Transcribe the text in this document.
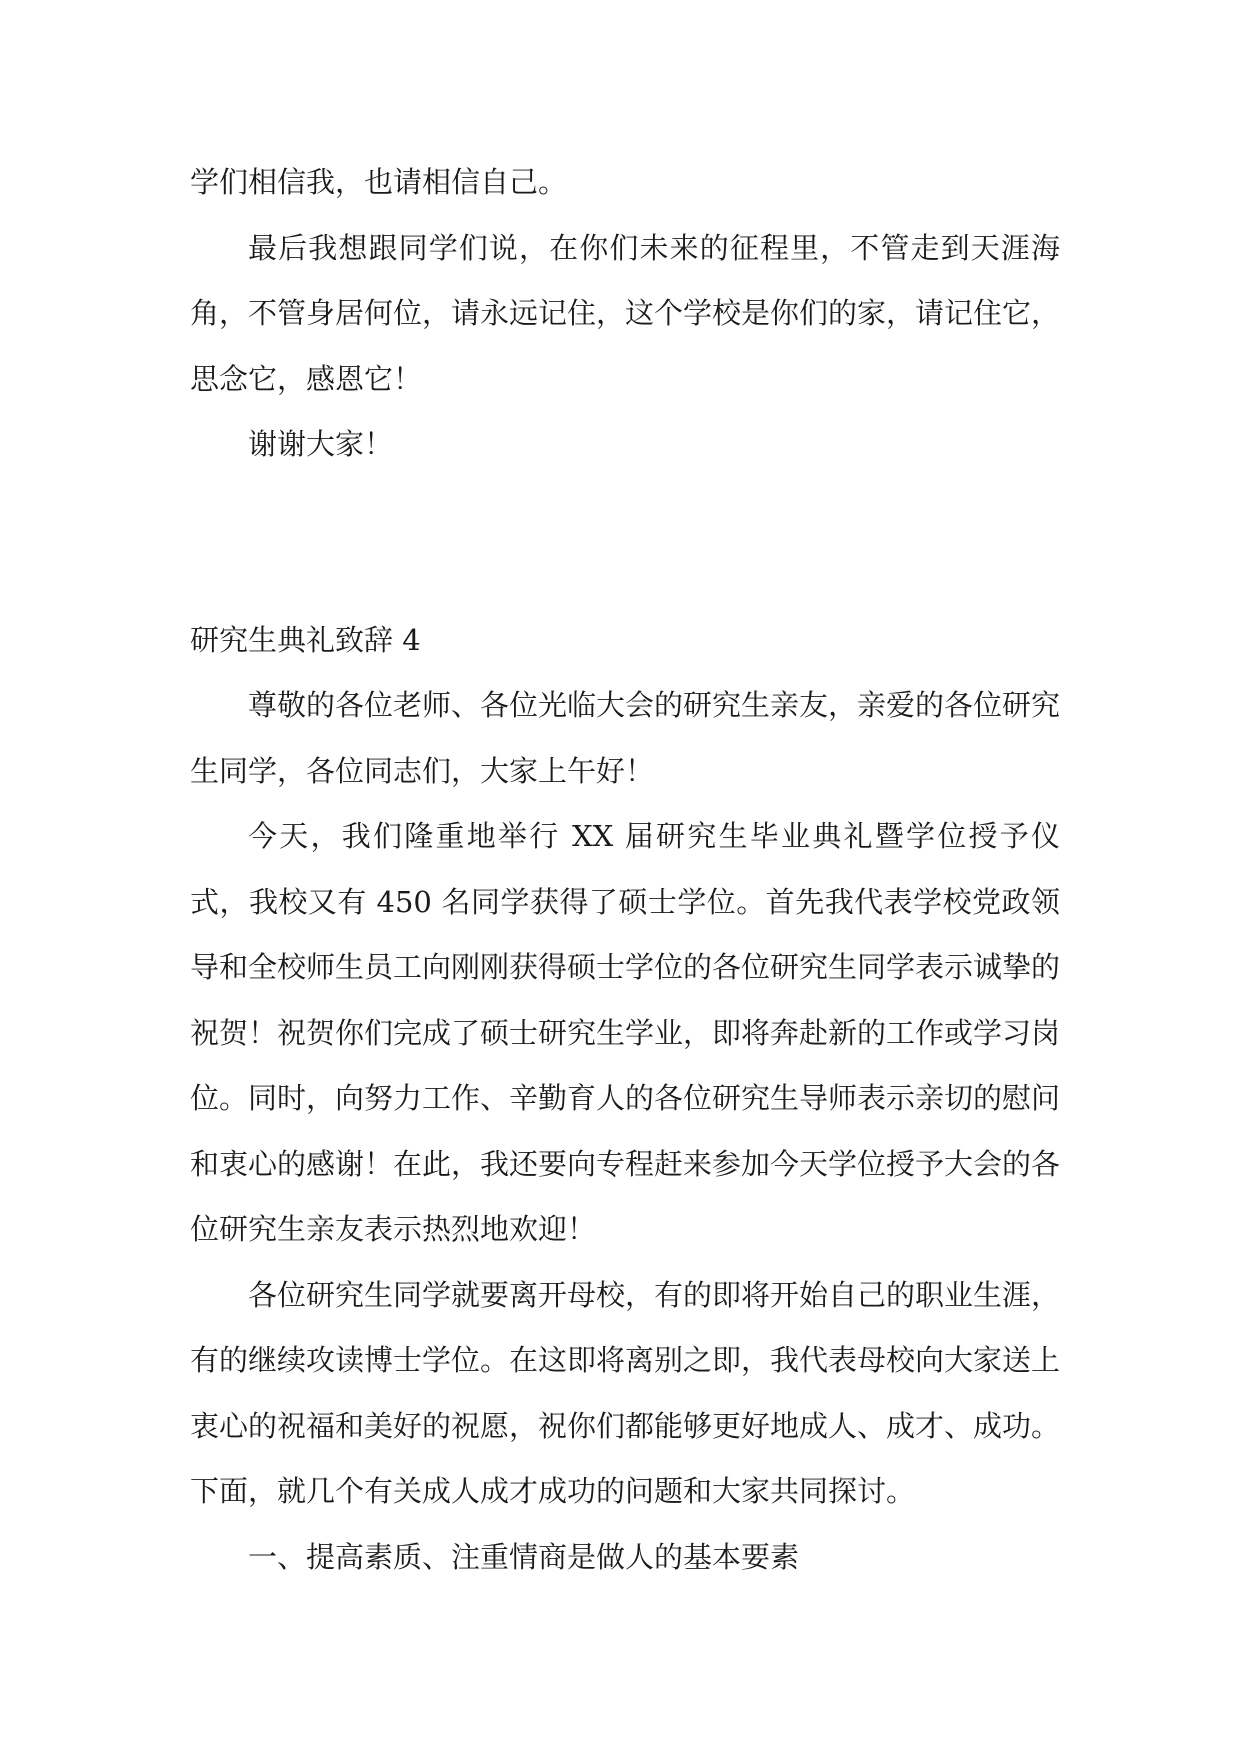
学们相信我，也请相信自己。

最后我想跟同学们说，在你们未来的征程里，不管走到天涯海角，不管身居何位，请永远记住，这个学校是你们的家，请记住它，思念它，感恩它！

谢谢大家！

研究生典礼致辞 4

尊敬的各位老师、各位光临大会的研究生亲友，亲爱的各位研究生同学，各位同志们，大家上午好！

今天，我们隆重地举行 XX 届研究生毕业典礼暨学位授予仪式，我校又有 450 名同学获得了硕士学位。首先我代表学校党政领导和全校师生员工向刚刚获得硕士学位的各位研究生同学表示诚挚的祝贺！祝贺你们完成了硕士研究生学业，即将奔赴新的工作或学习岗位。同时，向努力工作、辛勤育人的各位研究生导师表示亲切的慰问和衷心的感谢！在此，我还要向专程赶来参加今天学位授予大会的各位研究生亲友表示热烈地欢迎！

各位研究生同学就要离开母校，有的即将开始自己的职业生涯，有的继续攻读博士学位。在这即将离别之即，我代表母校向大家送上衷心的祝福和美好的祝愿，祝你们都能够更好地成人、成才、成功。下面，就几个有关成人成才成功的问题和大家共同探讨。

一、提高素质、注重情商是做人的基本要素
